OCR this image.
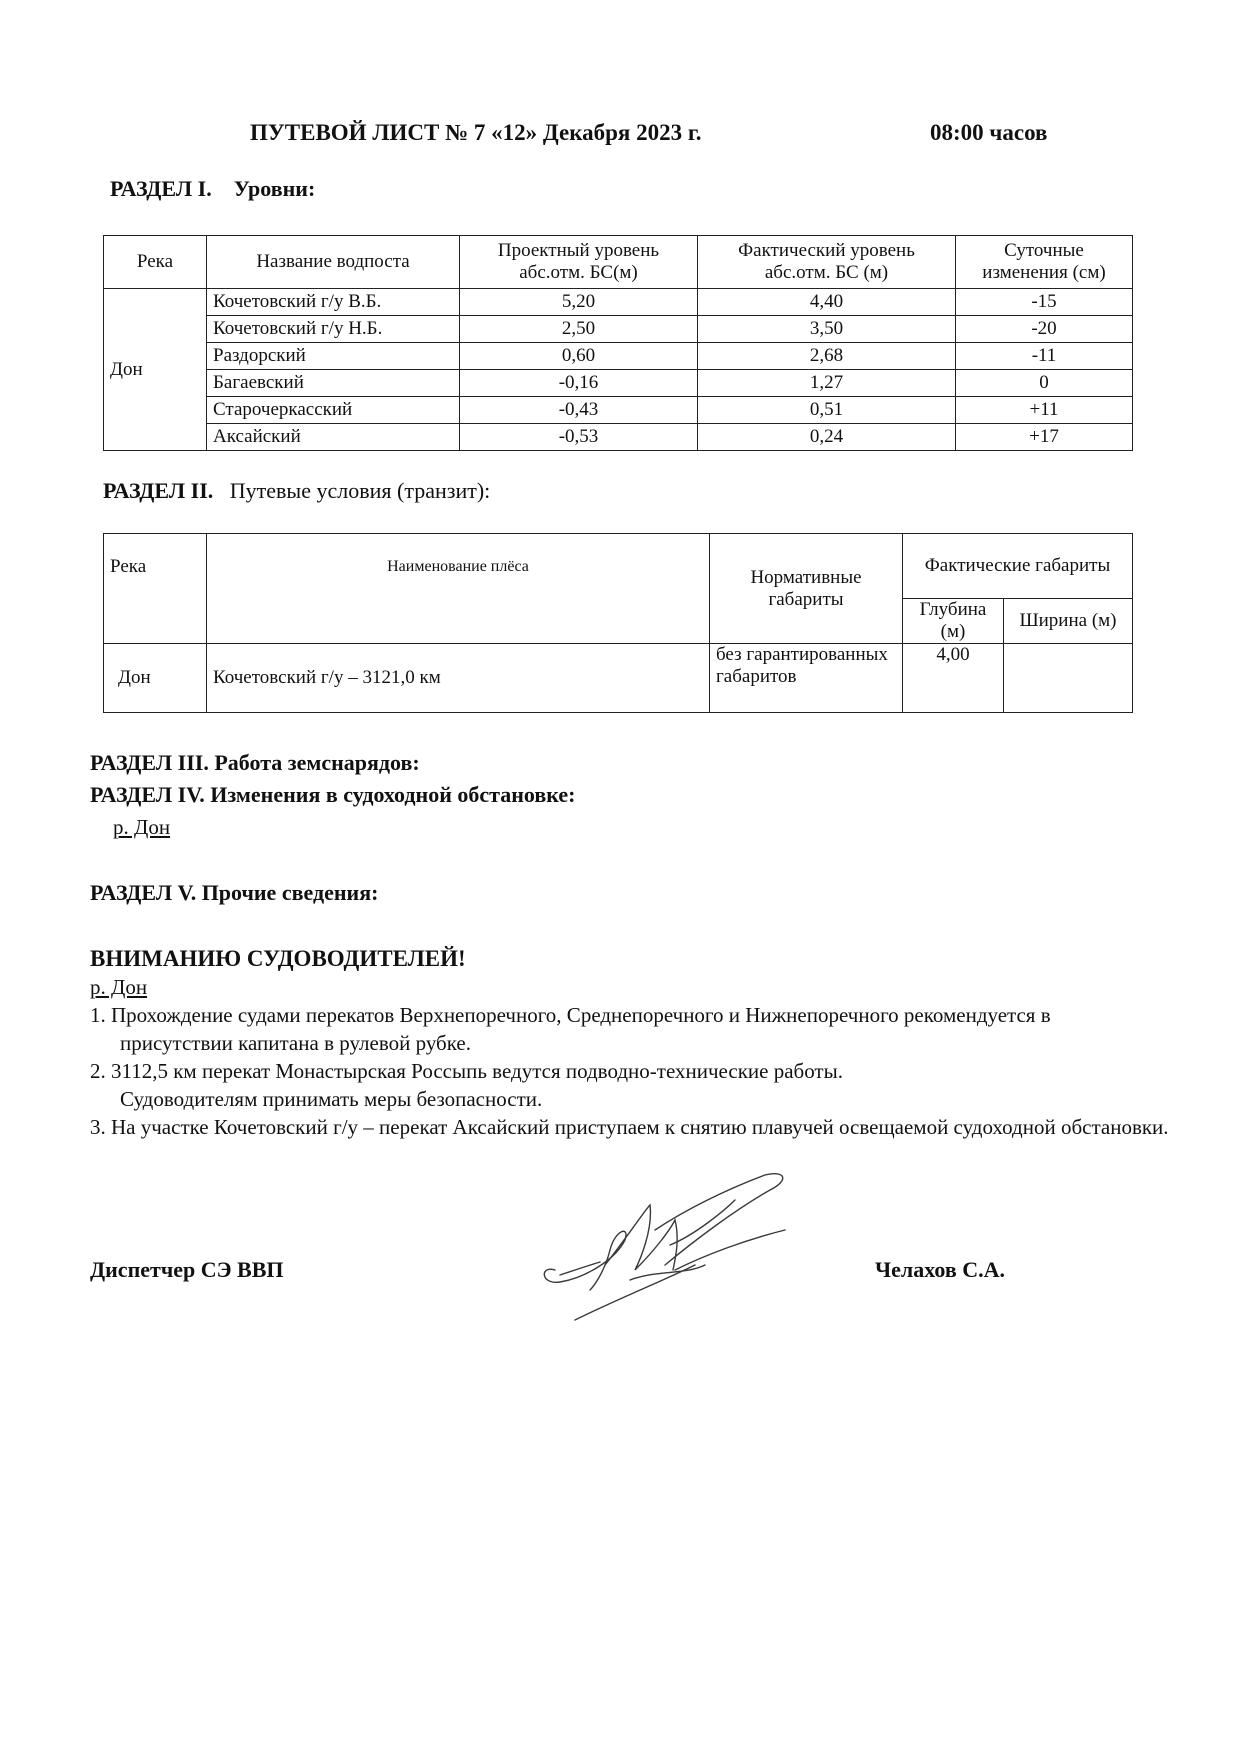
ПУТЕВОЙ ЛИСТ № 7 «12» Декабря 2023 г.	08:00 часов
РАЗДЕЛ I. Уровни:
Река	Название водпоста	Проектный уровень абс.отм. БС(м)	Фактический уровень абс.отм. БС (м)	Суточные изменения (см)
Дон	Кочетовский г/у В.Б.	5,20	4,40	-15
	Кочетовский г/у Н.Б.	2,50	3,50	-20
	Раздорский	0,60	2,68	-11
	Багаевский	-0,16	1,27	0
	Старочеркасский	-0,43	0,51	+11
	Аксайский	-0,53	0,24	+17
РАЗДЕЛ II. Путевые условия (транзит):
Река	Наименование плёса	Нормативные габариты	Фактические габариты	
			Глубина (м)	Ширина (м)
Дон	Кочетовский г/у – 3121,0 км	без гарантированных габаритов	4,00	
РАЗДЕЛ III. Работа земснарядов:
РАЗДЕЛ IV. Изменения в судоходной обстановке:
р. Дон
РАЗДЕЛ V. Прочие сведения:
ВНИМАНИЮ СУДОВОДИТЕЛЕЙ!
р. Дон
1. Прохождение судами перекатов Верхнепоречного, Среднепоречного и Нижнепоречного рекомендуется в присутствии капитана в рулевой рубке.
2. 3112,5 км перекат Монастырская Россыпь ведутся подводно-технические работы.
Судоводителям принимать меры безопасности.
3. На участке Кочетовский г/у – перекат Аксайский приступаем к снятию плавучей освещаемой судоходной обстановки.
Диспетчер СЭ ВВП	Челахов С.А.
